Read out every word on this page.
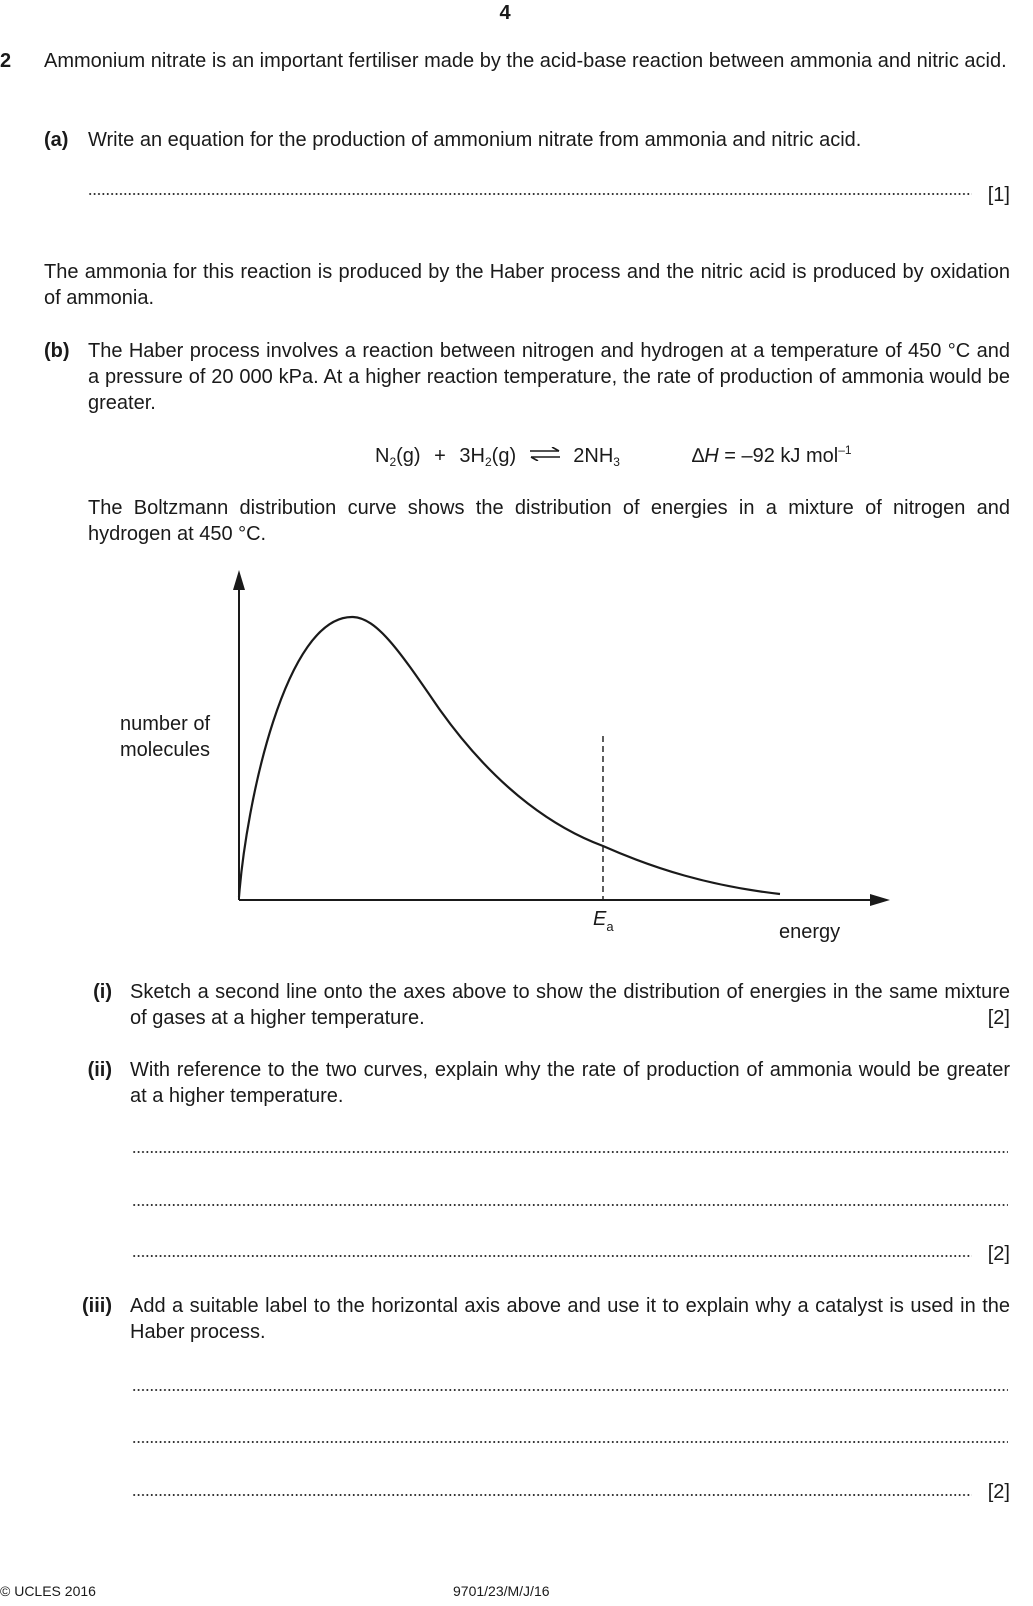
4
2 Ammonium nitrate is an important fertiliser made by the acid-base reaction between ammonia and nitric acid.
(a) Write an equation for the production of ammonium nitrate from ammonia and nitric acid.
[1]
The ammonia for this reaction is produced by the Haber process and the nitric acid is produced by oxidation of ammonia.
(b) The Haber process involves a reaction between nitrogen and hydrogen at a temperature of 450 °C and a pressure of 20 000 kPa. At a higher reaction temperature, the rate of production of ammonia would be greater.
$N_2(g) + 3H_2(g)$ ⇌ $2NH_3$	∆H = –92 kJ mol$^{-1}$
The Boltzmann distribution curve shows the distribution of energies in a mixture of nitrogen and hydrogen at 450 °C.
number of
molecules
$E_a$	energy
(i) Sketch a second line onto the axes above to show the distribution of energies in the same mixture of gases at a higher temperature.	[2]
(ii) With reference to the two curves, explain why the rate of production of ammonia would be greater at a higher temperature.
[2]
(iii) Add a suitable label to the horizontal axis above and use it to explain why a catalyst is used in the Haber process.
[2]
© UCLES 2016	9701/23/M/J/16
